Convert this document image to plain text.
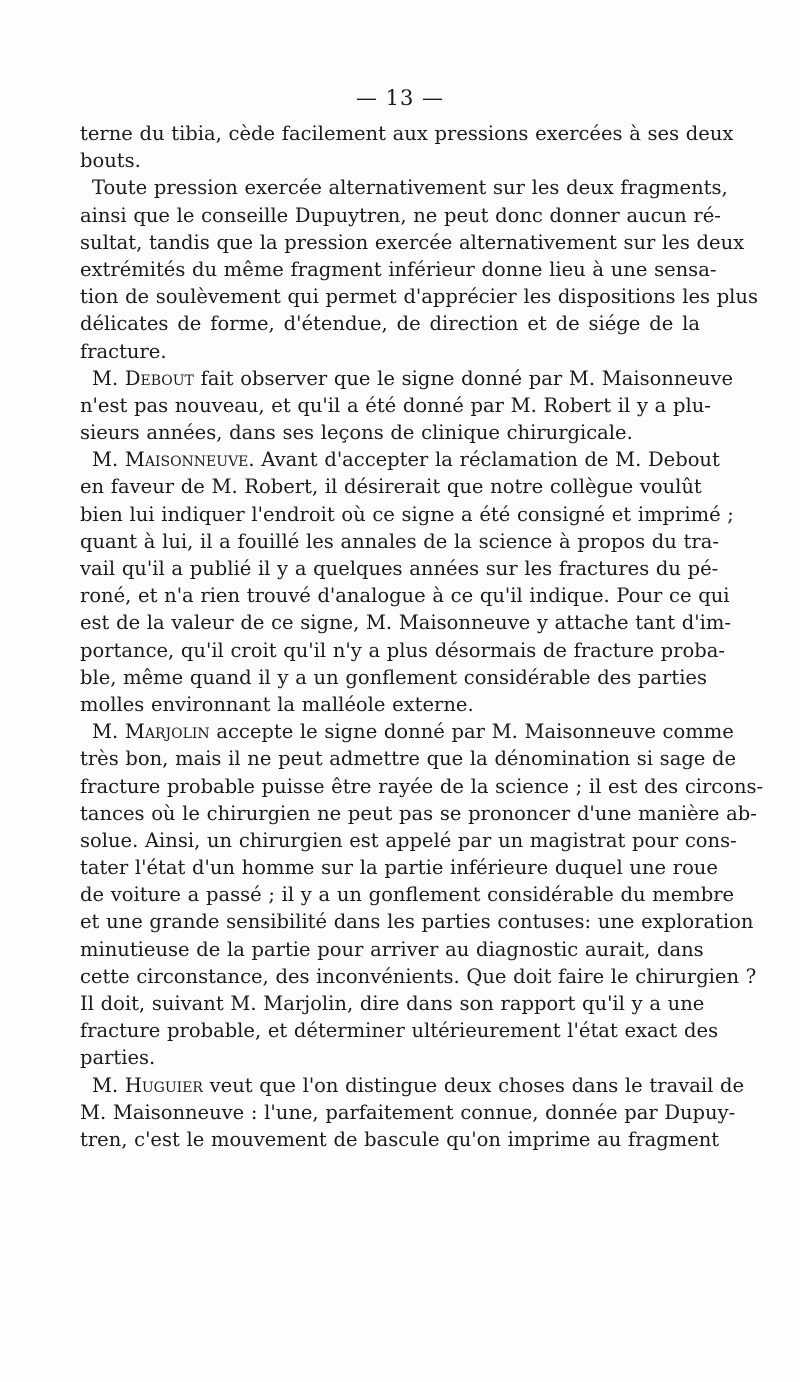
— 13 —
terne du tibia, cède facilement aux pressions exercées à ses deux
bouts.
Toute pression exercée alternativement sur les deux fragments,
ainsi que le conseille Dupuytren, ne peut donc donner aucun ré-
sultat, tandis que la pression exercée alternativement sur les deux
extrémités du même fragment inférieur donne lieu à une sensa-
tion de soulèvement qui permet d'apprécier les dispositions les plus
délicates de forme, d'étendue, de direction et de siége de la
fracture.
M. Debout fait observer que le signe donné par M. Maisonneuve
n'est pas nouveau, et qu'il a été donné par M. Robert il y a plu-
sieurs années, dans ses leçons de clinique chirurgicale.
M. Maisonneuve. Avant d'accepter la réclamation de M. Debout
en faveur de M. Robert, il désirerait que notre collègue voulût
bien lui indiquer l'endroit où ce signe a été consigné et imprimé ;
quant à lui, il a fouillé les annales de la science à propos du tra-
vail qu'il a publié il y a quelques années sur les fractures du pé-
roné, et n'a rien trouvé d'analogue à ce qu'il indique. Pour ce qui
est de la valeur de ce signe, M. Maisonneuve y attache tant d'im-
portance, qu'il croit qu'il n'y a plus désormais de fracture proba-
ble, même quand il y a un gonflement considérable des parties
molles environnant la malléole externe.
M. Marjolin accepte le signe donné par M. Maisonneuve comme
très bon, mais il ne peut admettre que la dénomination si sage de
fracture probable puisse être rayée de la science ; il est des circons-
tances où le chirurgien ne peut pas se prononcer d'une manière ab-
solue. Ainsi, un chirurgien est appelé par un magistrat pour cons-
tater l'état d'un homme sur la partie inférieure duquel une roue
de voiture a passé ; il y a un gonflement considérable du membre
et une grande sensibilité dans les parties contuses: une exploration
minutieuse de la partie pour arriver au diagnostic aurait, dans
cette circonstance, des inconvénients. Que doit faire le chirurgien ?
Il doit, suivant M. Marjolin, dire dans son rapport qu'il y a une
fracture probable, et déterminer ultérieurement l'état exact des
parties.
M. Huguier veut que l'on distingue deux choses dans le travail de
M. Maisonneuve : l'une, parfaitement connue, donnée par Dupuy-
tren, c'est le mouvement de bascule qu'on imprime au fragment
